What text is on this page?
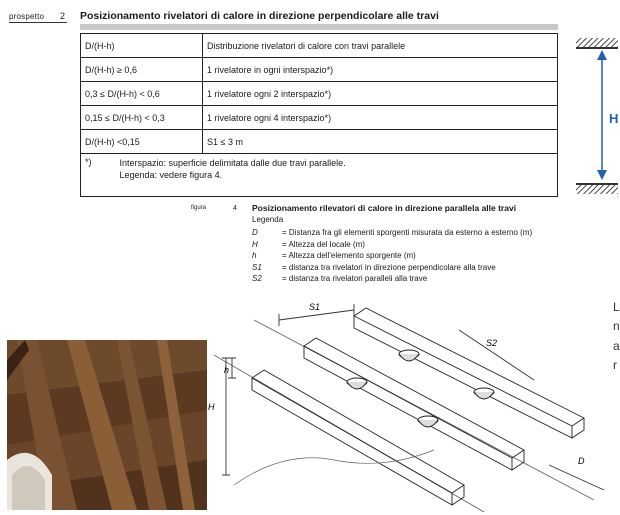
prospetto 2 Posizionamento rivelatori di calore in direzione perpendicolare alle travi
D/(H-h)	Distribuzione rivelatori di calore con travi parallele
D/(H-h) ≥ 0,6	1 rivelatore in ogni interspazio*)
0,3 ≤ D/(H-h) < 0,6	1 rivelatore ogni 2 interspazio*)
0,15 ≤ D/(H-h) < 0,3	1 rivelatore ogni 4 interspazio*)
D/(H-h) <0,15	S1 ≤ 3 m
*) Interspazio: superficie delimitata dalle due travi parallele.
Legenda: vedere figura 4.	
H
figura	4 Posizionamento rilevatori di calore in direzione parallela alle travi
Legenda
D	= Distanza fra gli elementi sporgenti misurata da esterno a esterno (m)
H	= Altezza del locale (m)
h	= Altezza dell'elemento sporgente (m)
S1	= distanza tra rivelatori in direzione perpendicolare alla trave
S2	= distanza tra rivelatori paralleli alla trave
L
n
a
r
S1
S2
h
H
D
